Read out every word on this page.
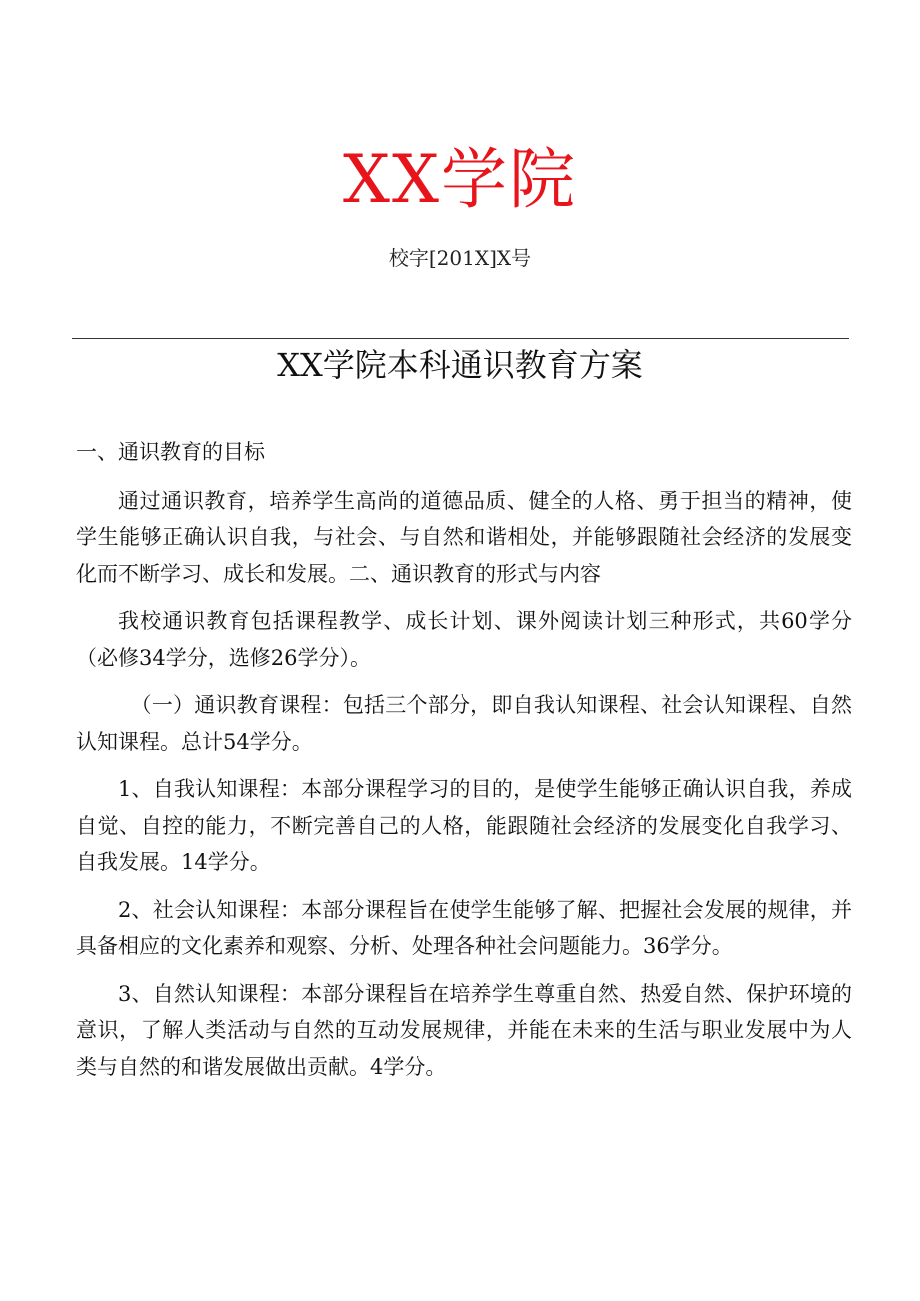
XX学院
校字[201X]X号
XX学院本科通识教育方案

一、通识教育的目标

通过通识教育，培养学生高尚的道德品质、健全的人格、勇于担当的精神，使学生能够正确认识自我，与社会、与自然和谐相处，并能够跟随社会经济的发展变化而不断学习、成长和发展。二、通识教育的形式与内容

我校通识教育包括课程教学、成长计划、课外阅读计划三种形式，共60学分（必修34学分，选修26学分）。

（一）通识教育课程：包括三个部分，即自我认知课程、社会认知课程、自然认知课程。总计54学分。

1、自我认知课程：本部分课程学习的目的，是使学生能够正确认识自我，养成自觉、自控的能力，不断完善自己的人格，能跟随社会经济的发展变化自我学习、自我发展。14学分。

2、社会认知课程：本部分课程旨在使学生能够了解、把握社会发展的规律，并具备相应的文化素养和观察、分析、处理各种社会问题能力。36学分。

3、自然认知课程：本部分课程旨在培养学生尊重自然、热爱自然、保护环境的意识，了解人类活动与自然的互动发展规律，并能在未来的生活与职业发展中为人类与自然的和谐发展做出贡献。4学分。
